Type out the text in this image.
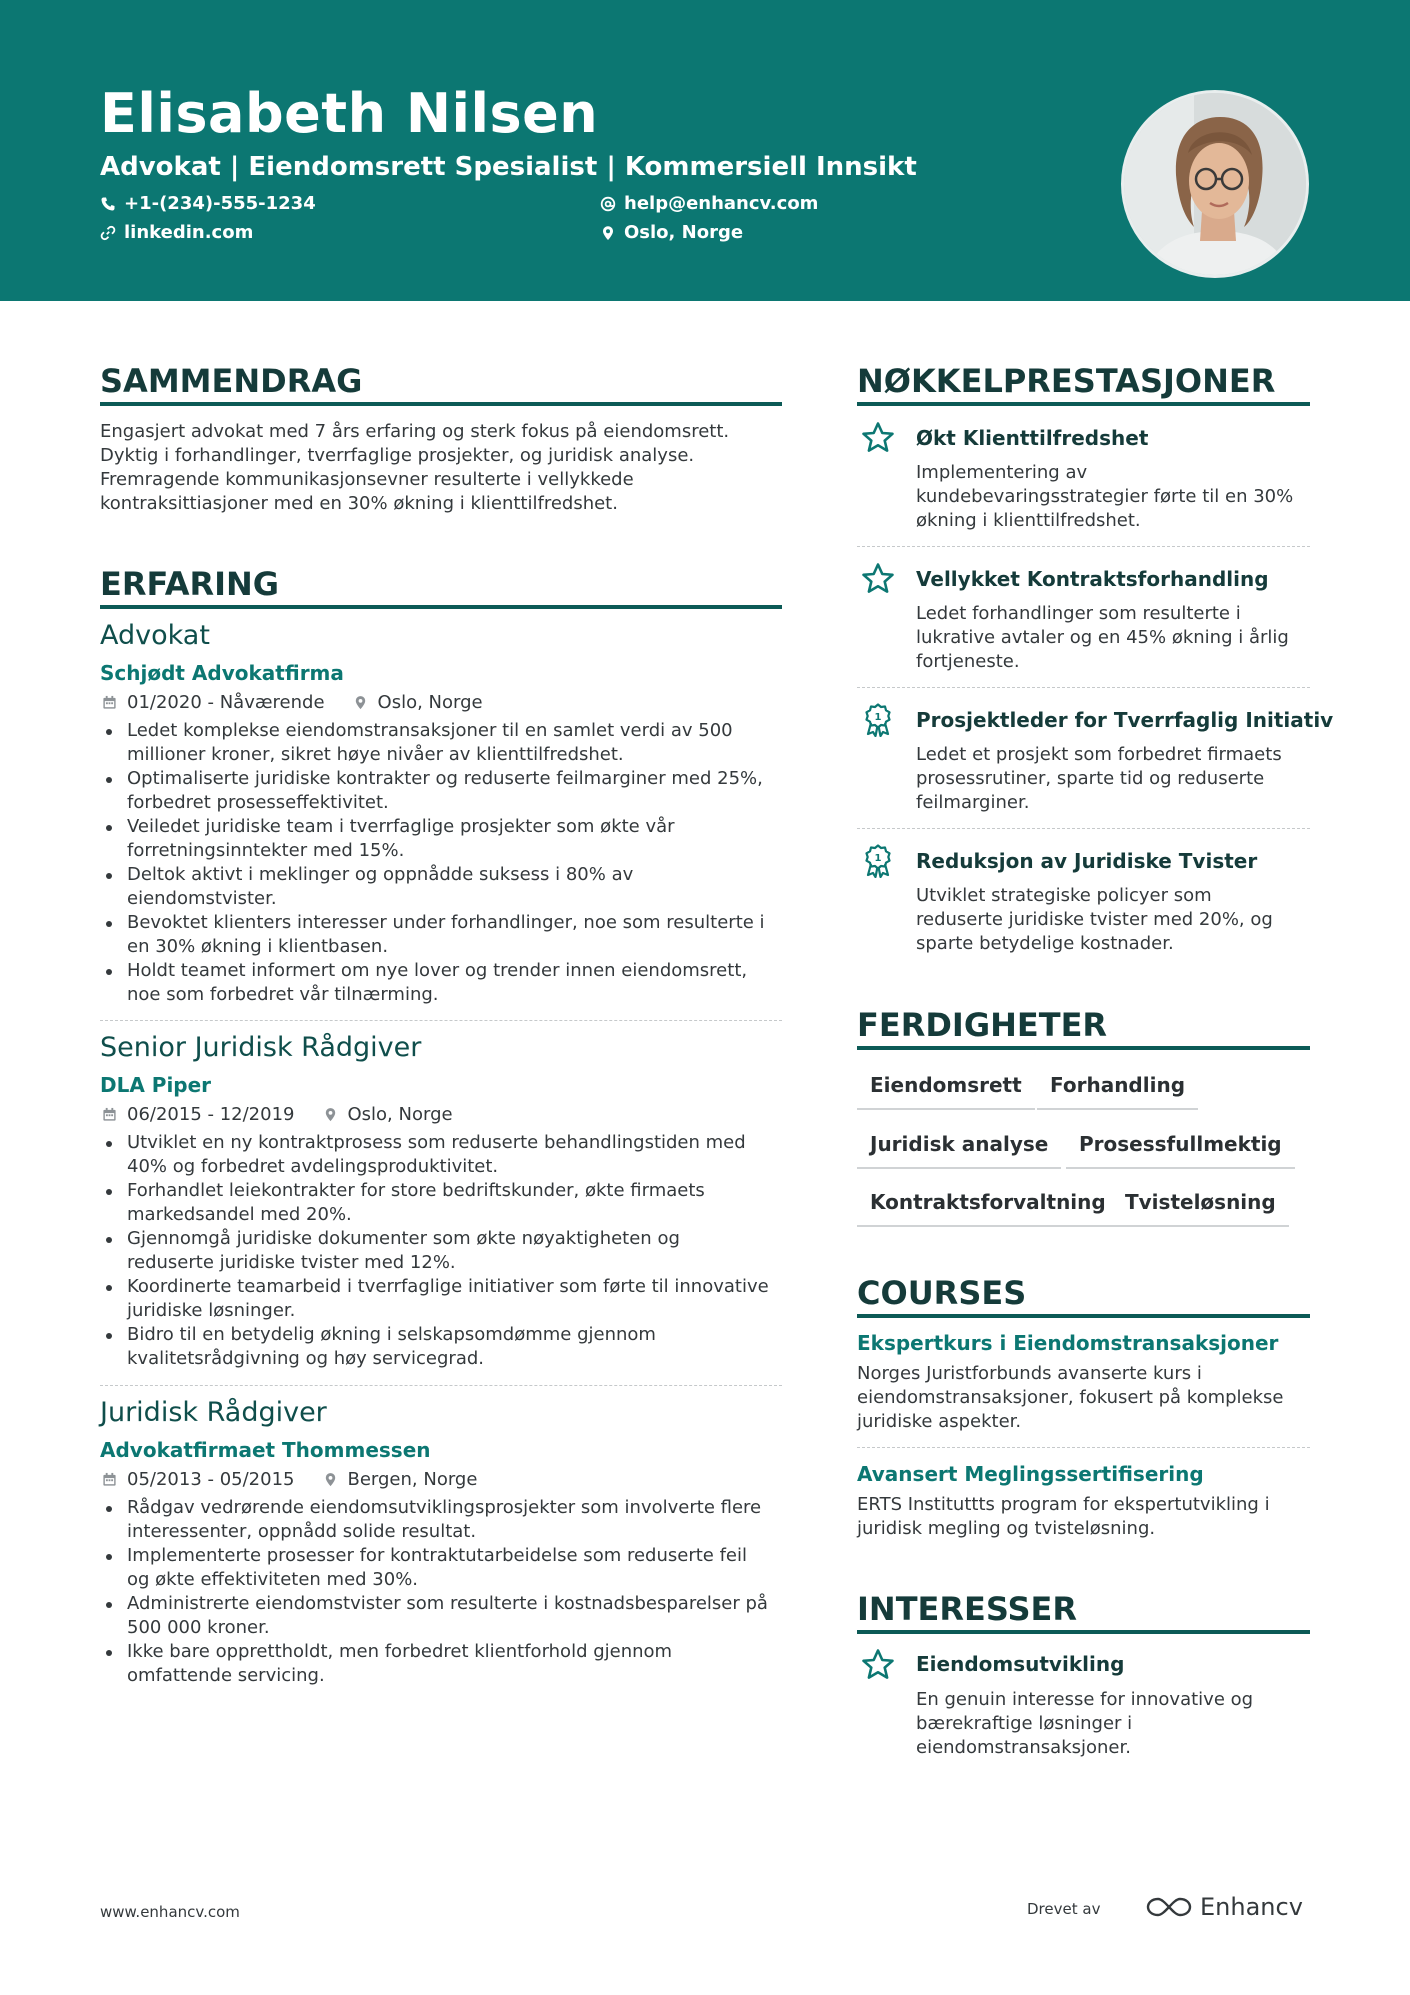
Elisabeth Nilsen
Advokat | Eiendomsrett Spesialist | Kommersiell Innsikt
+1-(234)-555-1234	help@enhancv.com
linkedin.com	Oslo, Norge
SAMMENDRAG
Engasjert advokat med 7 års erfaring og sterk fokus på eiendomsrett.
Dyktig i forhandlinger, tverrfaglige prosjekter, og juridisk analyse.
Fremragende kommunikasjonsevner resulterte i vellykkede
kontraksittiasjoner med en 30% økning i klienttilfredshet.
ERFARING
Advokat
Schjødt Advokatfirma
01/2020 - Nåværende	Oslo, Norge
Ledet komplekse eiendomstransaksjoner til en samlet verdi av 500
millioner kroner, sikret høye nivåer av klienttilfredshet.
Optimaliserte juridiske kontrakter og reduserte feilmarginer med 25%,
forbedret prosesseffektivitet.
Veiledet juridiske team i tverrfaglige prosjekter som økte vår
forretningsinntekter med 15%.
Deltok aktivt i meklinger og oppnådde suksess i 80% av
eiendomstvister.
Bevoktet klienters interesser under forhandlinger, noe som resulterte i
en 30% økning i klientbasen.
Holdt teamet informert om nye lover og trender innen eiendomsrett,
noe som forbedret vår tilnærming.
Senior Juridisk Rådgiver
DLA Piper
06/2015 - 12/2019	Oslo, Norge
Utviklet en ny kontraktprosess som reduserte behandlingstiden med
40% og forbedret avdelingsproduktivitet.
Forhandlet leiekontrakter for store bedriftskunder, økte firmaets
markedsandel med 20%.
Gjennomgå juridiske dokumenter som økte nøyaktigheten og
reduserte juridiske tvister med 12%.
Koordinerte teamarbeid i tverrfaglige initiativer som førte til innovative
juridiske løsninger.
Bidro til en betydelig økning i selskapsomdømme gjennom
kvalitetsrådgivning og høy servicegrad.
Juridisk Rådgiver
Advokatfirmaet Thommessen
05/2013 - 05/2015	Bergen, Norge
Rådgav vedrørende eiendomsutviklingsprosjekter som involverte flere
interessenter, oppnådd solide resultat.
Implementerte prosesser for kontraktutarbeidelse som reduserte feil
og økte effektiviteten med 30%.
Administrerte eiendomstvister som resulterte i kostnadsbesparelser på
500 000 kroner.
Ikke bare opprettholdt, men forbedret klientforhold gjennom
omfattende servicing.
NØKKELPRESTASJONER
Økt Klienttilfredshet
Implementering av
kundebevaringsstrategier førte til en 30%
økning i klienttilfredshet.
Vellykket Kontraktsforhandling
Ledet forhandlinger som resulterte i
lukrative avtaler og en 45% økning i årlig
fortjeneste.
1 Prosjektleder for Tverrfaglig Initiativ
Ledet et prosjekt som forbedret firmaets
prosessrutiner, sparte tid og reduserte
feilmarginer.
1 Reduksjon av Juridiske Tvister
Utviklet strategiske policyer som
reduserte juridiske tvister med 20%, og
sparte betydelige kostnader.
FERDIGHETER
Eiendomsrett	Forhandling
Juridisk analyse	Prosessfullmektig
Kontraktsforvaltning Tvisteløsning
COURSES
Ekspertkurs i Eiendomstransaksjoner
Norges Juristforbunds avanserte kurs i
eiendomstransaksjoner, fokusert på komplekse
juridiske aspekter.
Avansert Meglingssertifisering
ERTS Instituttts program for ekspertutvikling i
juridisk megling og tvisteløsning.
INTERESSER
Eiendomsutvikling
En genuin interesse for innovative og
bærekraftige løsninger i
eiendomstransaksjoner.
www.enhancv.com	Drevet av	Enhancv
